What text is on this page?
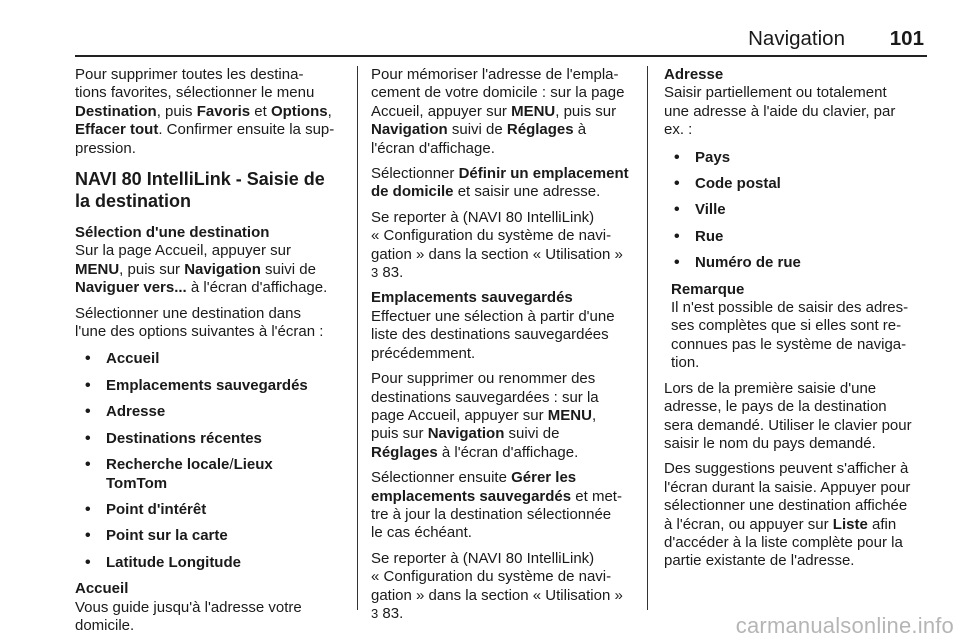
Navigation 101

Pour supprimer toutes les destina-
tions favorites, sélectionner le menu
Destination, puis Favoris et Options,
Effacer tout. Confirmer ensuite la sup-
pression.

NAVI 80 IntelliLink - Saisie de la destination
Sélection d'une destination

Sur la page Accueil, appuyer sur
MENU, puis sur Navigation suivi de
Naviguer vers... à l'écran d'affichage.

Sélectionner une destination dans
l'une des options suivantes à l'écran :

• Accueil
• Emplacements sauvegardés
• Adresse
• Destinations récentes
• Recherche locale/Lieux
TomTom
• Point d'intérêt
• Point sur la carte
• Latitude Longitude
Accueil

Vous guide jusqu'à l'adresse votre
domicile.

Pour mémoriser l'adresse de l'empla-
cement de votre domicile : sur la page
Accueil, appuyer sur MENU, puis sur
Navigation suivi de Réglages à
l'écran d'affichage.

Sélectionner Définir un emplacement
de domicile et saisir une adresse.

Se reporter à (NAVI 80 IntelliLink)
« Configuration du système de navi-
gation » dans la section « Utilisation »
3 83.

Emplacements sauvegardés

Effectuer une sélection à partir d'une
liste des destinations sauvegardées
précédemment.

Pour supprimer ou renommer des
destinations sauvegardées : sur la
page Accueil, appuyer sur MENU,
puis sur Navigation suivi de
Réglages à l'écran d'affichage.

Sélectionner ensuite Gérer les
emplacements sauvegardés et met-
tre à jour la destination sélectionnée
le cas échéant.

Se reporter à (NAVI 80 IntelliLink)
« Configuration du système de navi-
gation » dans la section « Utilisation »
3 83.

Adresse

Saisir partiellement ou totalement
une adresse à l'aide du clavier, par
ex. :

• Pays
• Code postal
• Ville
• Rue
• Numéro de rue
Remarque
Il n'est possible de saisir des adres-
ses complètes que si elles sont re-
connues pas le système de naviga-
tion.

Lors de la première saisie d'une
adresse, le pays de la destination
sera demandé. Utiliser le clavier pour
saisir le nom du pays demandé.

Des suggestions peuvent s'afficher à
l'écran durant la saisie. Appuyer pour
sélectionner une destination affichée
à l'écran, ou appuyer sur Liste afin
d'accéder à la liste complète pour la
partie existante de l'adresse.

carmanualsonline.info
